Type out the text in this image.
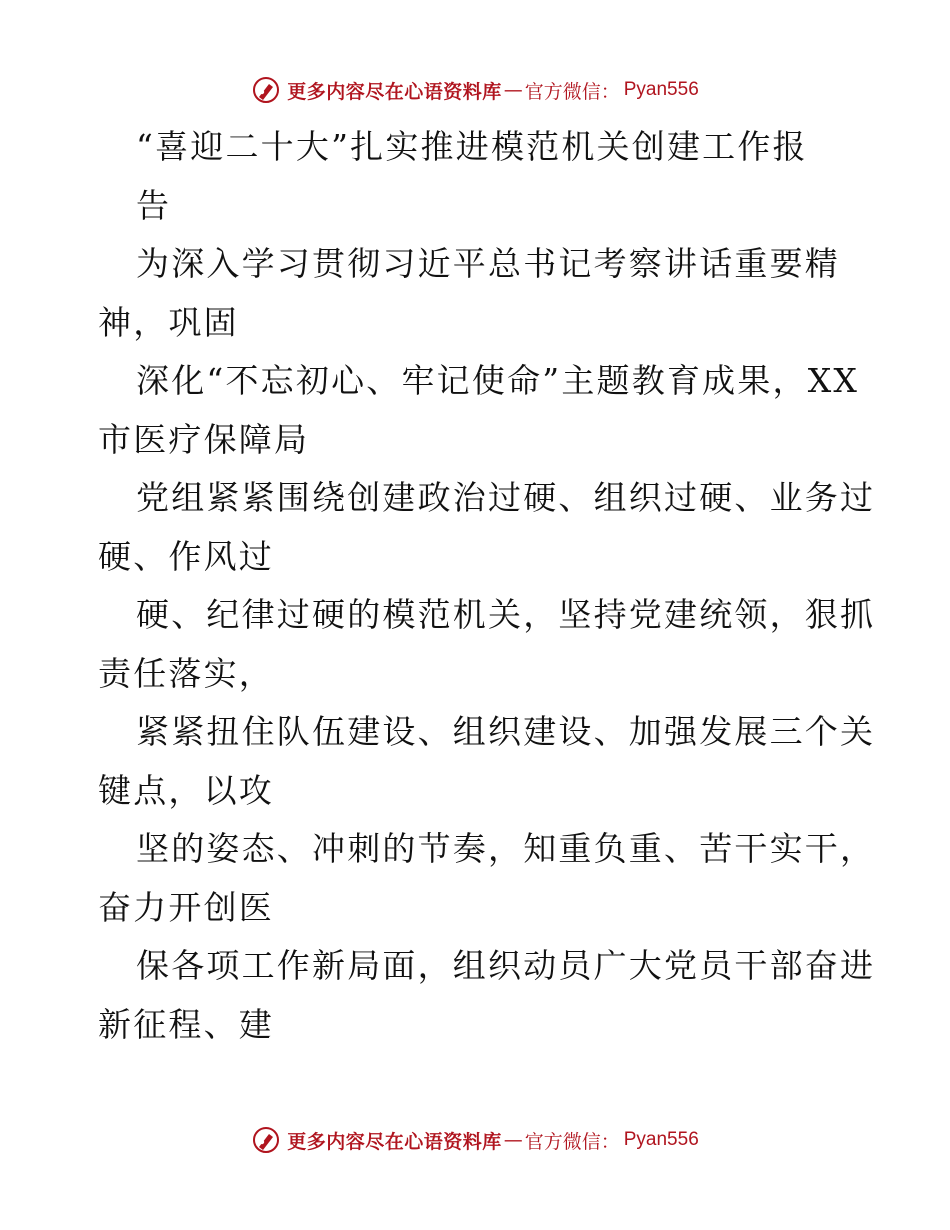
更多内容尽在心语资料库 — 官方微信： Pyan556
“喜迎二十大”扎实推进模范机关创建工作报
告
为深入学习贯彻习近平总书记考察讲话重要精
神，巩固
深化“不忘初心、牢记使命”主题教育成果，XX
市医疗保障局
党组紧紧围绕创建政治过硬、组织过硬、业务过
硬、作风过
硬、纪律过硬的模范机关，坚持党建统领，狠抓
责任落实，
紧紧扭住队伍建设、组织建设、加强发展三个关
键点，以攻
坚的姿态、冲刺的节奏，知重负重、苦干实干，
奋力开创医
保各项工作新局面，组织动员广大党员干部奋进
新征程、建
更多内容尽在心语资料库 — 官方微信： Pyan556
